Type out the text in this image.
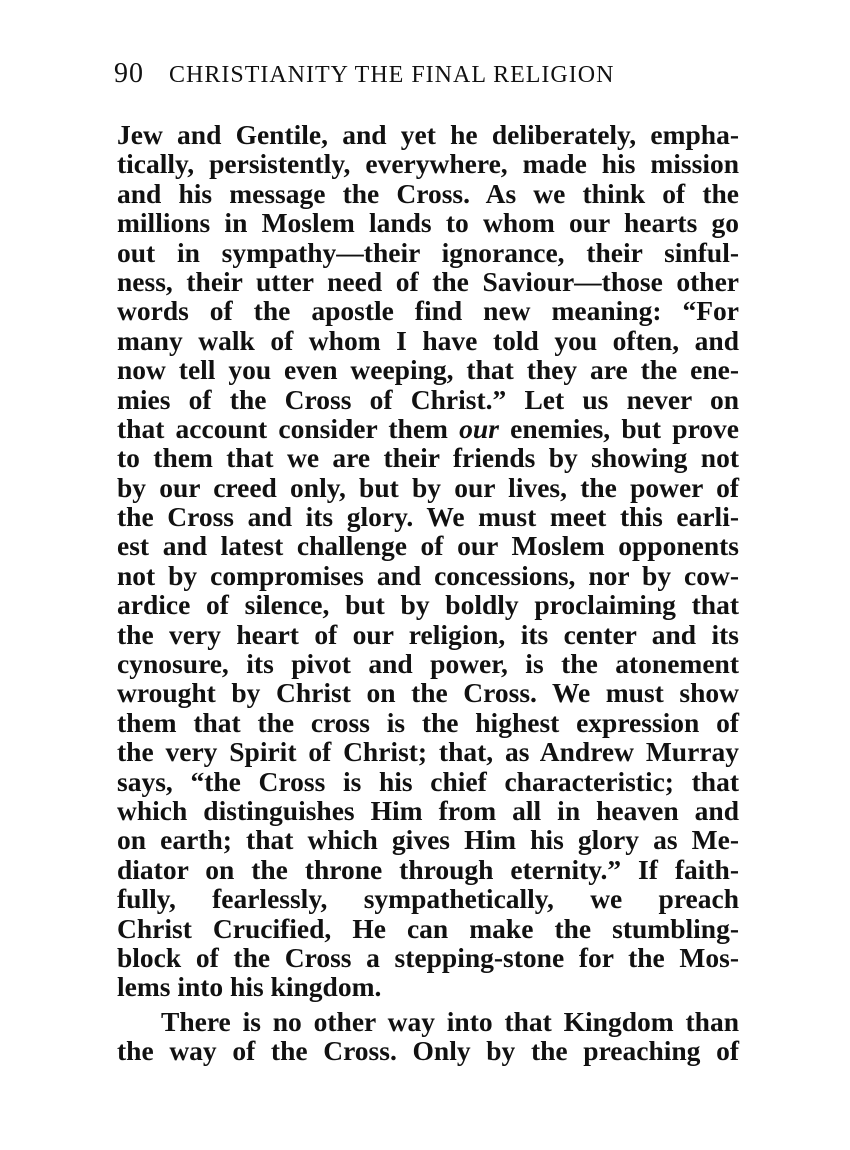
90 CHRISTIANITY THE FINAL RELIGION
Jew and Gentile, and yet he deliberately, empha-
tically, persistently, everywhere, made his mission
and his message the Cross. As we think of the
millions in Moslem lands to whom our hearts go
out in sympathy—their ignorance, their sinful-
ness, their utter need of the Saviour—those other
words of the apostle find new meaning: “For
many walk of whom I have told you often, and
now tell you even weeping, that they are the ene-
mies of the Cross of Christ.” Let us never on
that account consider them our enemies, but prove
to them that we are their friends by showing not
by our creed only, but by our lives, the power of
the Cross and its glory. We must meet this earli-
est and latest challenge of our Moslem opponents
not by compromises and concessions, nor by cow-
ardice of silence, but by boldly proclaiming that
the very heart of our religion, its center and its
cynosure, its pivot and power, is the atonement
wrought by Christ on the Cross. We must show
them that the cross is the highest expression of
the very Spirit of Christ; that, as Andrew Murray
says, “the Cross is his chief characteristic; that
which distinguishes Him from all in heaven and
on earth; that which gives Him his glory as Me-
diator on the throne through eternity.” If faith-
fully, fearlessly, sympathetically, we preach
Christ Crucified, He can make the stumbling-
block of the Cross a stepping-stone for the Mos-
lems into his kingdom.
There is no other way into that Kingdom than
the way of the Cross. Only by the preaching of
